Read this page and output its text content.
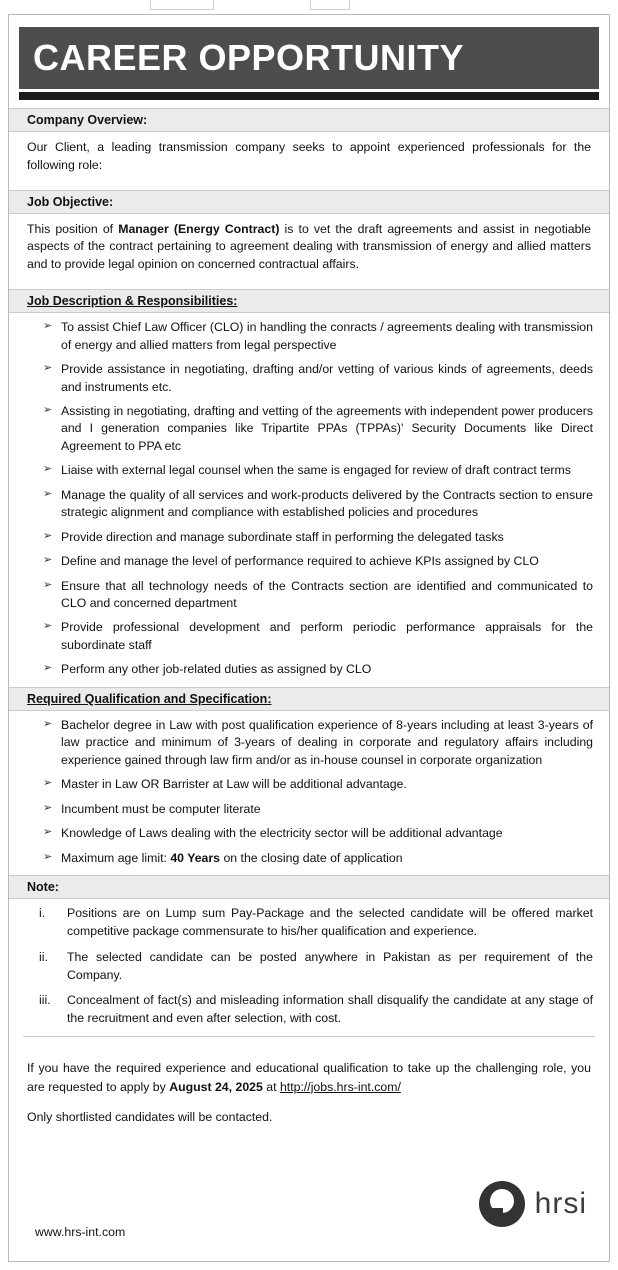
CAREER OPPORTUNITY
Company Overview:

Our Client, a leading transmission company seeks to appoint experienced professionals for the following role:

Job Objective:

This position of Manager (Energy Contract) is to vet the draft agreements and assist in negotiable aspects of the contract pertaining to agreement dealing with transmission of energy and allied matters and to provide legal opinion on concerned contractual affairs.

Job Description & Responsibilities:
➢ To assist Chief Law Officer (CLO) in handling the conracts / agreements dealing with transmission of energy and allied matters from legal perspective
➢ Provide assistance in negotiating, drafting and/or vetting of various kinds of agreements, deeds and instruments etc.
➢ Assisting in negotiating, drafting and vetting of the agreements with independent power producers and I generation companies like Tripartite PPAs (TPPAs)' Security Documents like Direct Agreement to PPA etc
➢ Liaise with external legal counsel when the same is engaged for review of draft contract terms
➢ Manage the quality of all services and work-products delivered by the Contracts section to ensure strategic alignment and compliance with established policies and procedures
➢ Provide direction and manage subordinate staff in performing the delegated tasks
➢ Define and manage the level of performance required to achieve KPIs assigned by CLO
➢ Ensure that all technology needs of the Contracts section are identified and communicated to CLO and concerned department
➢ Provide professional development and perform periodic performance appraisals for the subordinate staff
➢ Perform any other job-related duties as assigned by CLO
Required Qualification and Specification:
➢ Bachelor degree in Law with post qualification experience of 8-years including at least 3-years of law practice and minimum of 3-years of dealing in corporate and regulatory affairs including experience gained through law firm and/or as in-house counsel in corporate organization
➢ Master in Law OR Barrister at Law will be additional advantage.
➢ Incumbent must be computer literate
➢ Knowledge of Laws dealing with the electricity sector will be additional advantage
➢ Maximum age limit: 40 Years on the closing date of application
Note:
i.	Positions are on Lump sum Pay-Package and the selected candidate will be offered market competitive package commensurate to his/her qualification and experience.
ii.	The selected candidate can be posted anywhere in Pakistan as per requirement of the Company.
iii.	Concealment of fact(s) and misleading information shall disqualify the candidate at any stage of the recruitment and even after selection, with cost.

If you have the required experience and educational qualification to take up the challenging role, you are requested to apply by August 24, 2025 at http://jobs.hrs-int.com/

Only shortlisted candidates will be contacted.

hrsi
www.hrs-int.com
